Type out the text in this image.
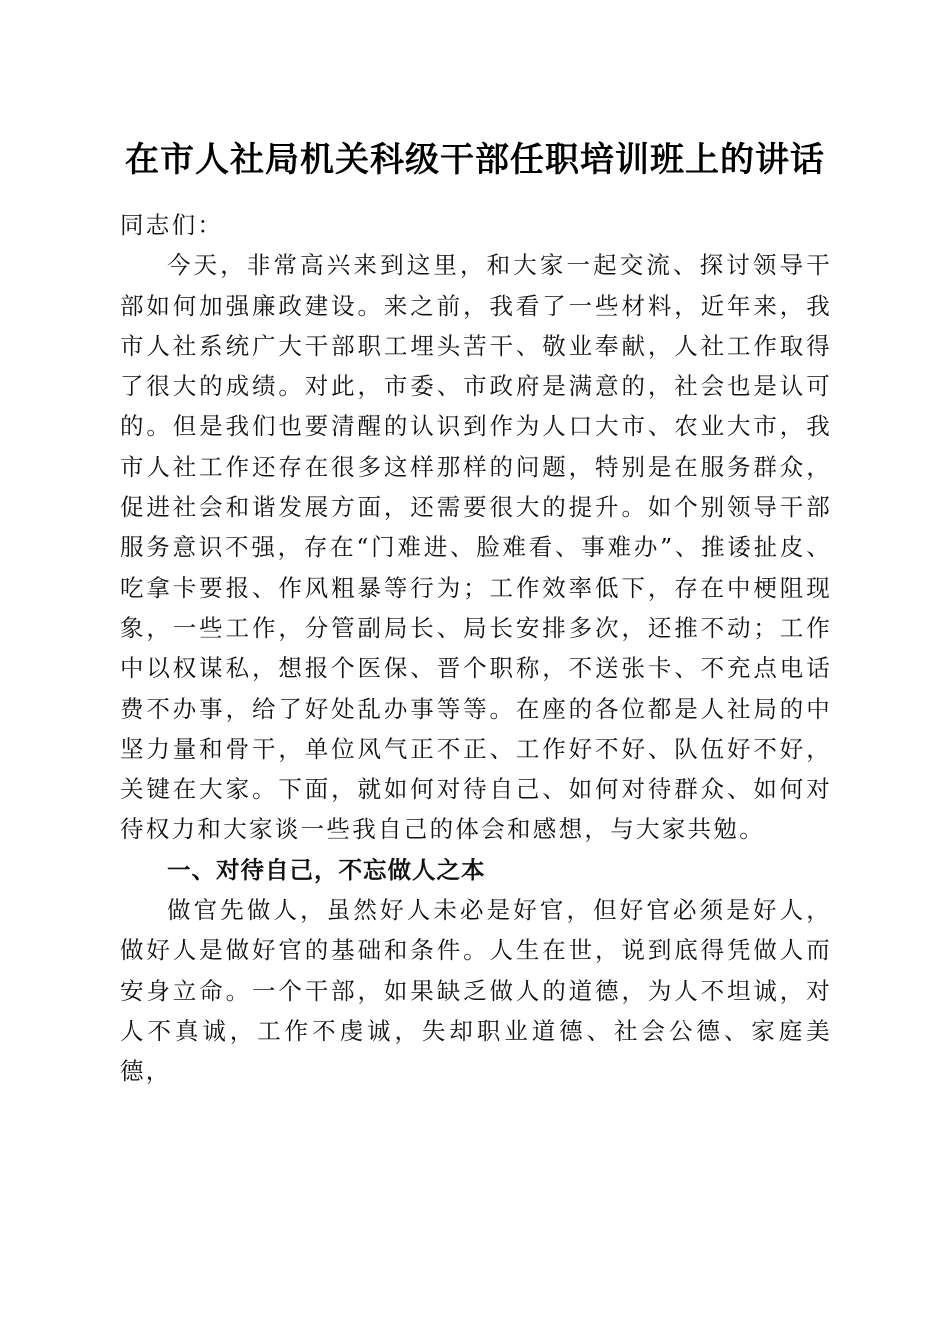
在市人社局机关科级干部任职培训班上的讲话

同志们：

今天，非常高兴来到这里，和大家一起交流、探讨领导干部如何加强廉政建设。来之前，我看了一些材料，近年来，我市人社系统广大干部职工埋头苦干、敬业奉献，人社工作取得了很大的成绩。对此，市委、市政府是满意的，社会也是认可的。但是我们也要清醒的认识到作为人口大市、农业大市，我市人社工作还存在很多这样那样的问题，特别是在服务群众，促进社会和谐发展方面，还需要很大的提升。如个别领导干部服务意识不强，存在“门难进、脸难看、事难办”、推诿扯皮、吃拿卡要报、作风粗暴等行为；工作效率低下，存在中梗阻现象，一些工作，分管副局长、局长安排多次，还推不动；工作中以权谋私，想报个医保、晋个职称，不送张卡、不充点电话费不办事，给了好处乱办事等等。在座的各位都是人社局的中坚力量和骨干，单位风气正不正、工作好不好、队伍好不好，关键在大家。下面，就如何对待自己、如何对待群众、如何对待权力和大家谈一些我自己的体会和感想，与大家共勉。

一、对待自己，不忘做人之本

做官先做人，虽然好人未必是好官，但好官必须是好人，做好人是做好官的基础和条件。人生在世，说到底得凭做人而安身立命。一个干部，如果缺乏做人的道德，为人不坦诚，对人不真诚，工作不虔诚，失却职业道德、社会公德、家庭美德，
